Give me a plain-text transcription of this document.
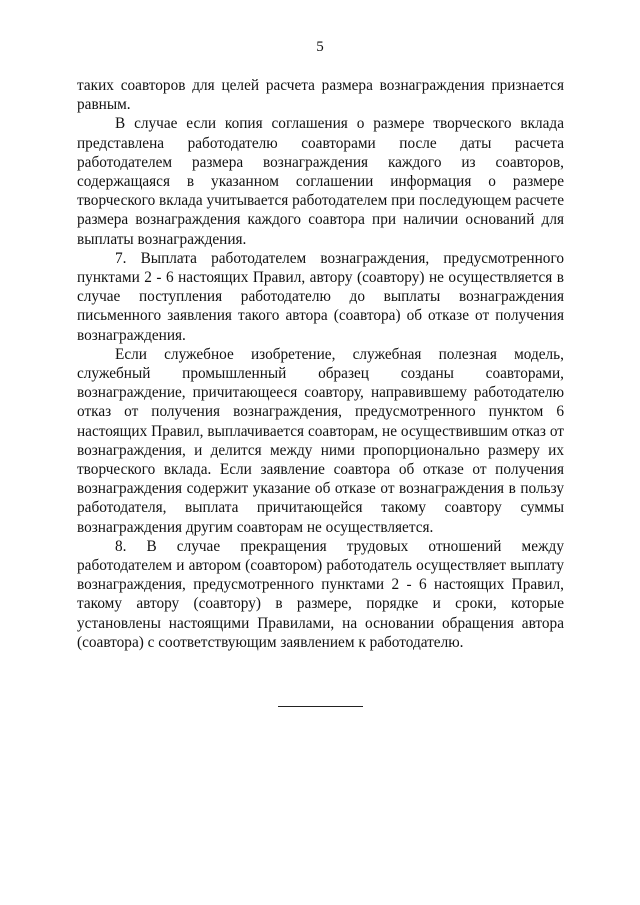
5

таких соавторов для целей расчета размера вознаграждения признается равным.

В случае если копия соглашения о размере творческого вклада представлена работодателю соавторами после даты расчета работодателем размера вознаграждения каждого из соавторов, содержащаяся в указанном соглашении информация о размере творческого вклада учитывается работодателем при последующем расчете размера вознаграждения каждого соавтора при наличии оснований для выплаты вознаграждения.

7. Выплата работодателем вознаграждения, предусмотренного пунктами 2 - 6 настоящих Правил, автору (соавтору) не осуществляется в случае поступления работодателю до выплаты вознаграждения письменного заявления такого автора (соавтора) об отказе от получения вознаграждения.

Если служебное изобретение, служебная полезная модель, служебный промышленный образец созданы соавторами, вознаграждение, причитающееся соавтору, направившему работодателю отказ от получения вознаграждения, предусмотренного пунктом 6 настоящих Правил, выплачивается соавторам, не осуществившим отказ от вознаграждения, и делится между ними пропорционально размеру их творческого вклада. Если заявление соавтора об отказе от получения вознаграждения содержит указание об отказе от вознаграждения в пользу работодателя, выплата причитающейся такому соавтору суммы вознаграждения другим соавторам не осуществляется.

8. В случае прекращения трудовых отношений между работодателем и автором (соавтором) работодатель осуществляет выплату вознаграждения, предусмотренного пунктами 2 - 6 настоящих Правил, такому автору (соавтору) в размере, порядке и сроки, которые установлены настоящими Правилами, на основании обращения автора (соавтора) с соответствующим заявлением к работодателю.
